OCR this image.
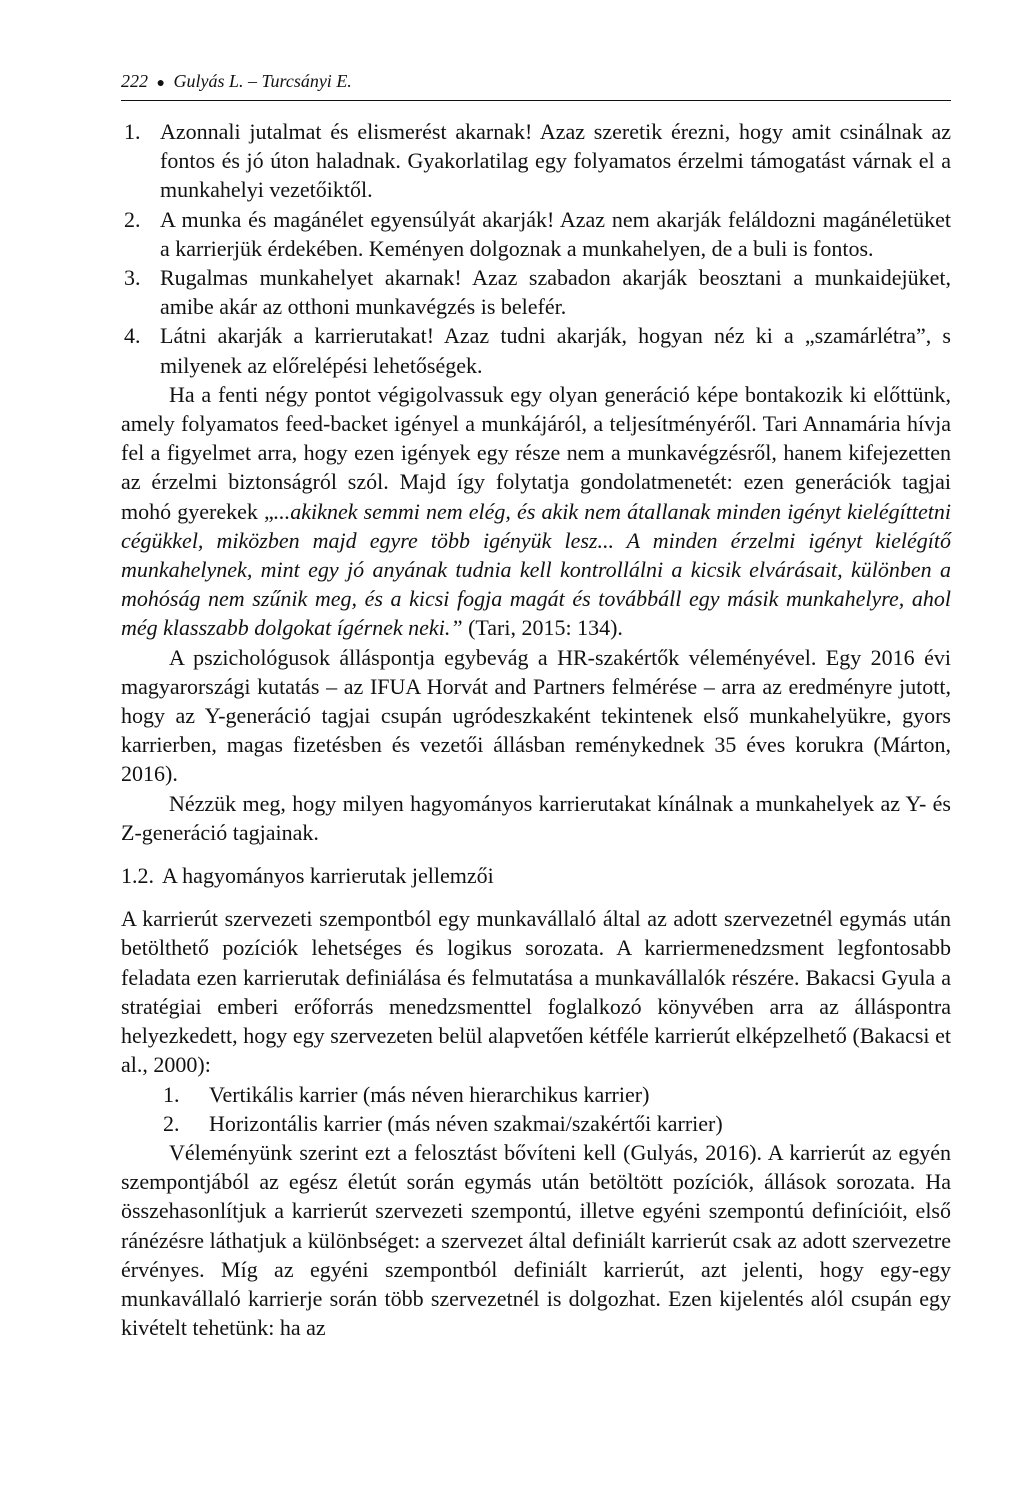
222 ● Gulyás L. – Turcsányi E.
1. Azonnali jutalmat és elismerést akarnak! Azaz szeretik érezni, hogy amit csinálnak az fontos és jó úton haladnak. Gyakorlatilag egy folyamatos érzelmi támogatást várnak el a munkahelyi vezetőiktől.
2. A munka és magánélet egyensúlyát akarják! Azaz nem akarják feláldozni magánéletüket a karrierjük érdekében. Keményen dolgoznak a munkahelyen, de a buli is fontos.
3. Rugalmas munkahelyet akarnak! Azaz szabadon akarják beosztani a munkaidejüket, amibe akár az otthoni munkavégzés is belefér.
4. Látni akarják a karrierutakat! Azaz tudni akarják, hogyan néz ki a „szamárlétra”, s milyenek az előrelépési lehetőségek.

Ha a fenti négy pontot végigolvassuk egy olyan generáció képe bontakozik ki előttünk, amely folyamatos feed-backet igényel a munkájáról, a teljesítményéről. Tari Annamária hívja fel a figyelmet arra, hogy ezen igények egy része nem a munkavégzésről, hanem kifejezetten az érzelmi biztonságról szól. Majd így folytatja gondolatmenetét: ezen generációk tagjai mohó gyerekek „...akiknek semmi nem elég, és akik nem átallanak minden igényt kielégíttetni cégükkel, miközben majd egyre több igényük lesz... A minden érzelmi igényt kielégítő munkahelynek, mint egy jó anyának tudnia kell kontrollálni a kicsik elvárásait, különben a mohóság nem szűnik meg, és a kicsi fogja magát és továbbáll egy másik munkahelyre, ahol még klasszabb dolgokat ígérnek neki.” (Tari, 2015: 134).

A pszichológusok álláspontja egybevág a HR-szakértők véleményével. Egy 2016 évi magyarországi kutatás – az IFUA Horvát and Partners felmérése – arra az eredményre jutott, hogy az Y-generáció tagjai csupán ugródeszkaként tekintenek első munkahelyükre, gyors karrierben, magas fizetésben és vezetői állásban reménykednek 35 éves korukra (Márton, 2016).

Nézzük meg, hogy milyen hagyományos karrierutakat kínálnak a munkahelyek az Y- és Z-generáció tagjainak.

1.2. A hagyományos karrierutak jellemzői

A karrierút szervezeti szempontból egy munkavállaló által az adott szervezetnél egymás után betölthető pozíciók lehetséges és logikus sorozata. A karriermenedzsment legfontosabb feladata ezen karrierutak definiálása és felmutatása a munkavállalók részére. Bakacsi Gyula a stratégiai emberi erőforrás menedzsmenttel foglalkozó könyvében arra az álláspontra helyezkedett, hogy egy szervezeten belül alapvetően kétféle karrierút elképzelhető (Bakacsi et al., 2000):

1.	Vertikális karrier (más néven hierarchikus karrier)
2.	Horizontális karrier (más néven szakmai/szakértői karrier)

Véleményünk szerint ezt a felosztást bővíteni kell (Gulyás, 2016). A karrierút az egyén szempontjából az egész életút során egymás után betöltött pozíciók, állások sorozata. Ha összehasonlítjuk a karrierút szervezeti szempontú, illetve egyéni szempontú definícióit, első ránézésre láthatjuk a különbséget: a szervezet által definiált karrierút csak az adott szervezetre érvényes. Míg az egyéni szempontból definiált karrierút, azt jelenti, hogy egy-egy munkavállaló karrierje során több szervezetnél is dolgozhat. Ezen kijelentés alól csupán egy kivételt tehetünk: ha az
